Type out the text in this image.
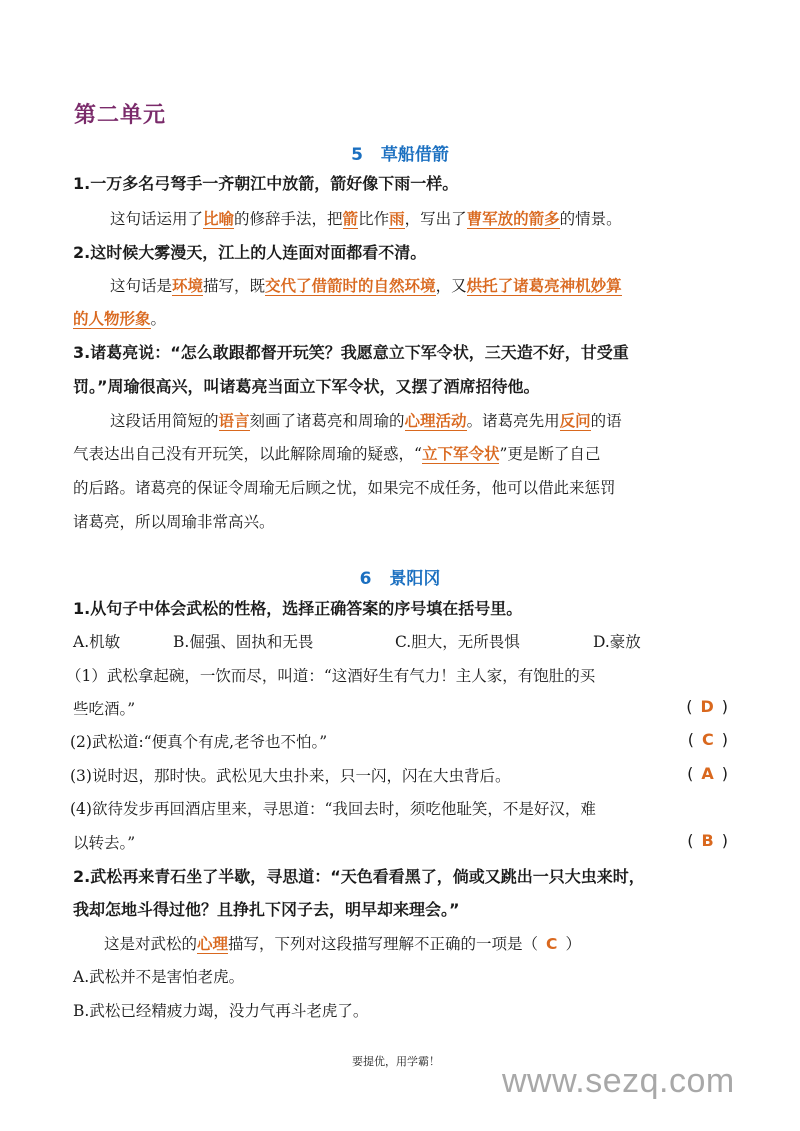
第二单元
5 草船借箭
1.一万多名弓弩手一齐朝江中放箭，箭好像下雨一样。
这句话运用了比喻的修辞手法，把箭比作雨，写出了曹军放的箭多的情景。
2.这时候大雾漫天，江上的人连面对面都看不清。
这句话是环境描写，既交代了借箭时的自然环境，又烘托了诸葛亮神机妙算
的人物形象。
3.诸葛亮说：“怎么敢跟都督开玩笑？我愿意立下军令状，三天造不好，甘受重
罚。”周瑜很高兴，叫诸葛亮当面立下军令状，又摆了酒席招待他。
这段话用简短的语言刻画了诸葛亮和周瑜的心理活动。诸葛亮先用反问的语
气表达出自己没有开玩笑，以此解除周瑜的疑惑，“立下军令状”更是断了自己
的后路。诸葛亮的保证令周瑜无后顾之忧，如果完不成任务，他可以借此来惩罚
诸葛亮，所以周瑜非常高兴。
6 景阳冈
1.从句子中体会武松的性格，选择正确答案的序号填在括号里。
A.机敏	B.倔强、固执和无畏	C.胆大，无所畏惧	D.豪放
（1）武松拿起碗，一饮而尽，叫道：“这酒好生有气力！主人家，有饱肚的买
些吃酒。”	( D )
(2)武松道:“便真个有虎,老爷也不怕。”	( C )
(3)说时迟，那时快。武松见大虫扑来，只一闪，闪在大虫背后。	( A )
(4)欲待发步再回酒店里来，寻思道：“我回去时，须吃他耻笑，不是好汉，难
以转去。”	( B )
2.武松再来青石坐了半歇，寻思道：“天色看看黑了，倘或又跳出一只大虫来时，
我却怎地斗得过他？且挣扎下冈子去，明早却来理会。”
这是对武松的心理描写，下列对这段描写理解不正确的一项是（ C ）
A.武松并不是害怕老虎。
B.武松已经精疲力竭，没力气再斗老虎了。
要提优，用学霸！
www.sezq.com
